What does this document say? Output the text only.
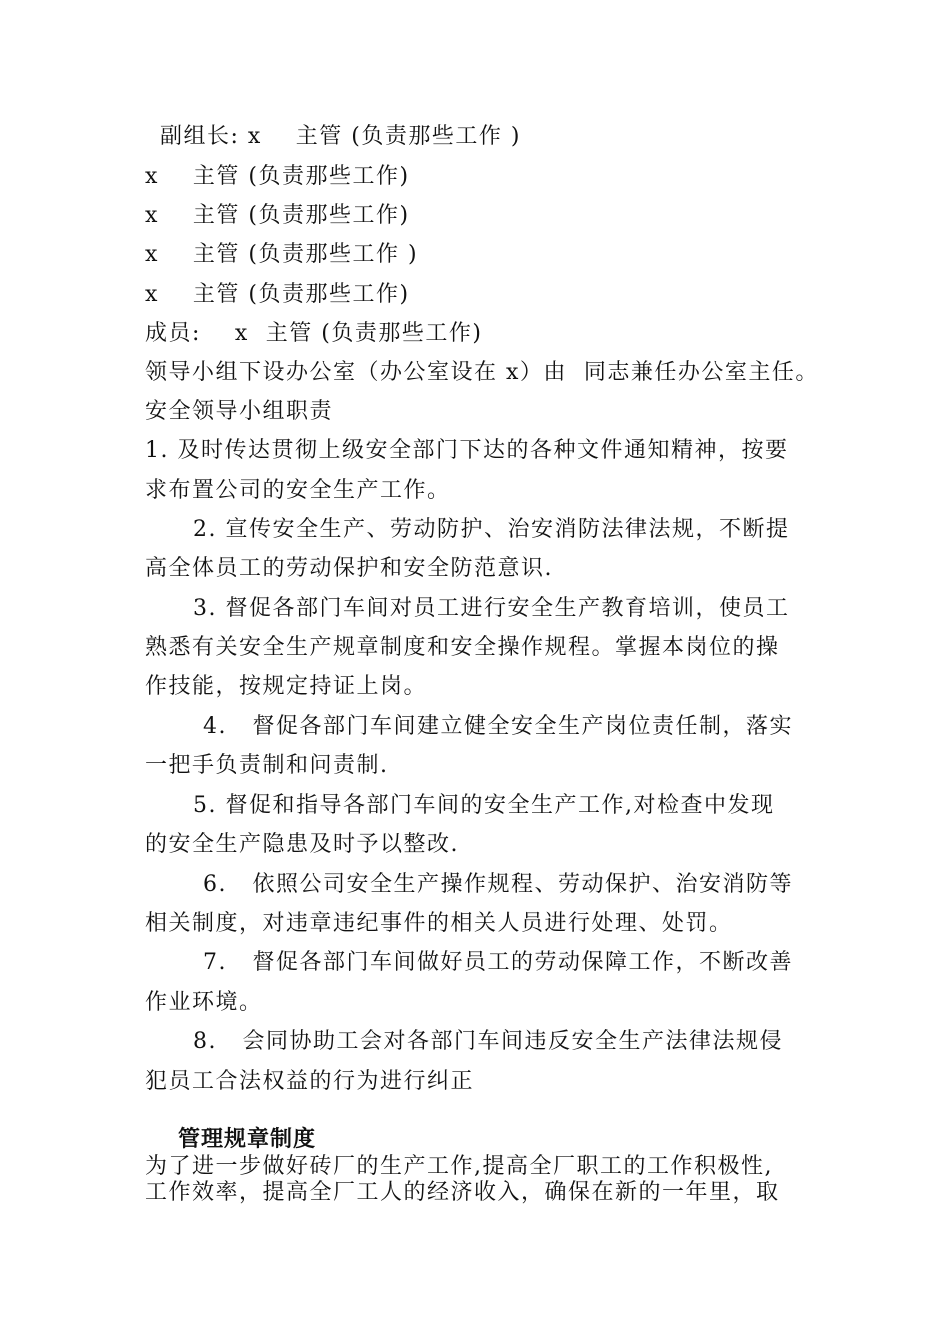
副组长: x    主管 (负责那些工作 )
x    主管 (负责那些工作)
x    主管 (负责那些工作)
x    主管 (负责那些工作 )
x    主管 (负责那些工作)
成员:    x  主管 (负责那些工作)
领导小组下设办公室（办公室设在 x）由  同志兼任办公室主任。
安全领导小组职责
1. 及时传达贯彻上级安全部门下达的各种文件通知精神，按要
求布置公司的安全生产工作。
2. 宣传安全生产、劳动防护、治安消防法律法规，不断提
高全体员工的劳动保护和安全防范意识.
3. 督促各部门车间对员工进行安全生产教育培训，使员工
熟悉有关安全生产规章制度和安全操作规程。掌握本岗位的操
作技能，按规定持证上岗。
4.   督促各部门车间建立健全安全生产岗位责任制，落实
一把手负责制和问责制.
5. 督促和指导各部门车间的安全生产工作,对检查中发现
的安全生产隐患及时予以整改.
6.   依照公司安全生产操作规程、劳动保护、治安消防等
相关制度，对违章违纪事件的相关人员进行处理、处罚。
7.   督促各部门车间做好员工的劳动保障工作，不断改善
作业环境。
8.   会同协助工会对各部门车间违反安全生产法律法规侵
犯员工合法权益的行为进行纠正
管理规章制度
为了进一步做好砖厂的生产工作,提高全厂职工的工作积极性,
工作效率，提高全厂工人的经济收入，确保在新的一年里，取
